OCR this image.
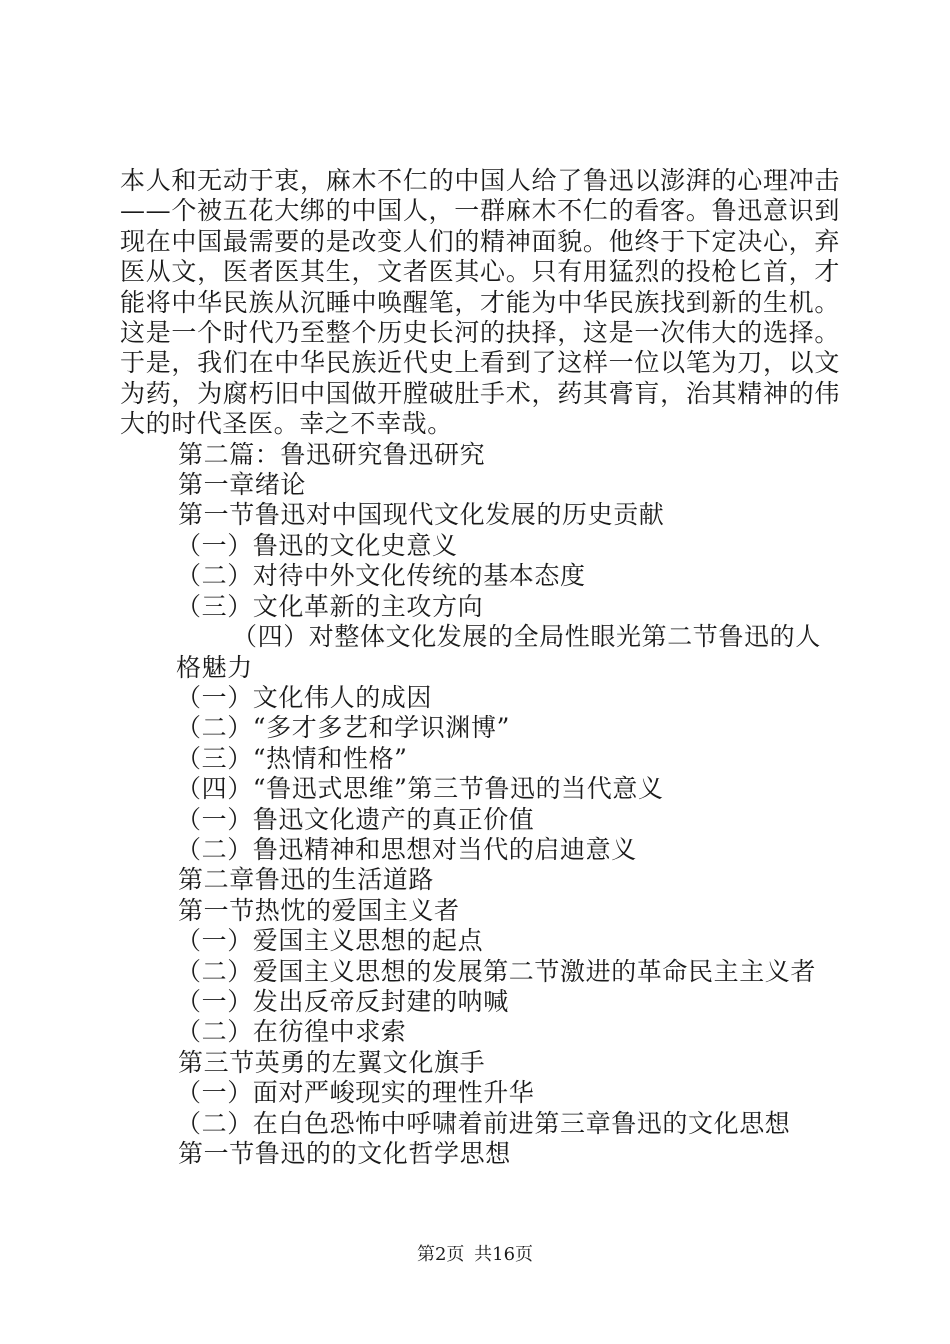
本人和无动于衷，麻木不仁的中国人给了鲁迅以澎湃的心理冲击——个被五花大绑的中国人，一群麻木不仁的看客。鲁迅意识到现在中国最需要的是改变人们的精神面貌。他终于下定决心，弃医从文，医者医其生，文者医其心。只有用猛烈的投枪匕首，才能将中华民族从沉睡中唤醒笔，才能为中华民族找到新的生机。这是一个时代乃至整个历史长河的抉择，这是一次伟大的选择。于是，我们在中华民族近代史上看到了这样一位以笔为刀，以文为药，为腐朽旧中国做开膛破肚手术，药其膏肓，治其精神的伟大的时代圣医。幸之不幸哉。

第二篇：鲁迅研究鲁迅研究

第一章绪论

第一节鲁迅对中国现代文化发展的历史贡献

（一）鲁迅的文化史意义

（二）对待中外文化传统的基本态度

（三）文化革新的主攻方向

（四）对整体文化发展的全局性眼光第二节鲁迅的人格魅力

（一）文化伟人的成因

（二）“多才多艺和学识渊博”

（三）“热情和性格”

（四）“鲁迅式思维”第三节鲁迅的当代意义

（一）鲁迅文化遗产的真正价值

（二）鲁迅精神和思想对当代的启迪意义

第二章鲁迅的生活道路

第一节热忱的爱国主义者

（一）爱国主义思想的起点

（二）爱国主义思想的发展第二节激进的革命民主主义者

（一）发出反帝反封建的呐喊

（二）在彷徨中求索

第三节英勇的左翼文化旗手

（一）面对严峻现实的理性升华

（二）在白色恐怖中呼啸着前进第三章鲁迅的文化思想

第一节鲁迅的的文化哲学思想

第2页 共16页
